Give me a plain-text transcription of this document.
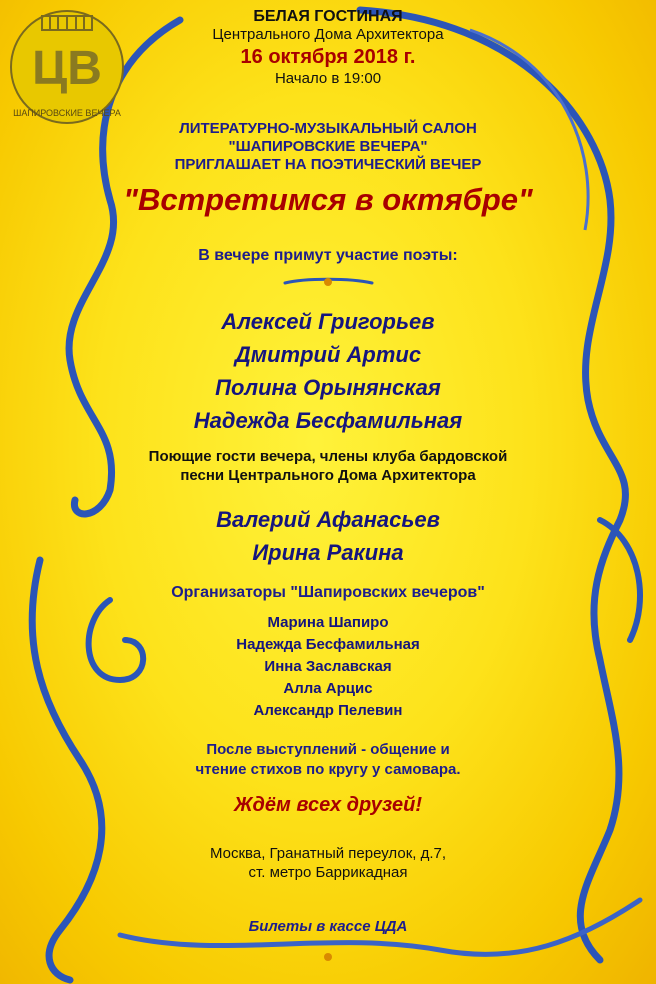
ЦВ
ШАПИРОВСКИЕ ВЕЧЕРА
БЕЛАЯ ГОСТИНАЯ
Центрального Дома Архитектора
16 октября 2018 г.
Начало в 19:00
ЛИТЕРАТУРНО-МУЗЫКАЛЬНЫЙ САЛОН
"ШАПИРОВСКИЕ ВЕЧЕРА"
ПРИГЛАШАЕТ НА ПОЭТИЧЕСКИЙ ВЕЧЕР
"Встретимся в октябре"
В вечере примут участие поэты:
Алексей Григорьев
Дмитрий Артис
Полина Орынянская
Надежда Бесфамильная
Поющие гости вечера, члены клуба бардовской
песни Центрального Дома Архитектора
Валерий Афанасьев
Ирина Ракина
Организаторы "Шапировских вечеров"
Марина Шапиро
Надежда Бесфамильная
Инна Заславская
Алла Арцис
Александр Пелевин
После выступлений - общение и
чтение стихов по кругу у самовара.
Ждём всех друзей!
Москва, Гранатный переулок, д.7,
ст. метро Баррикадная
Билеты в кассе ЦДА
